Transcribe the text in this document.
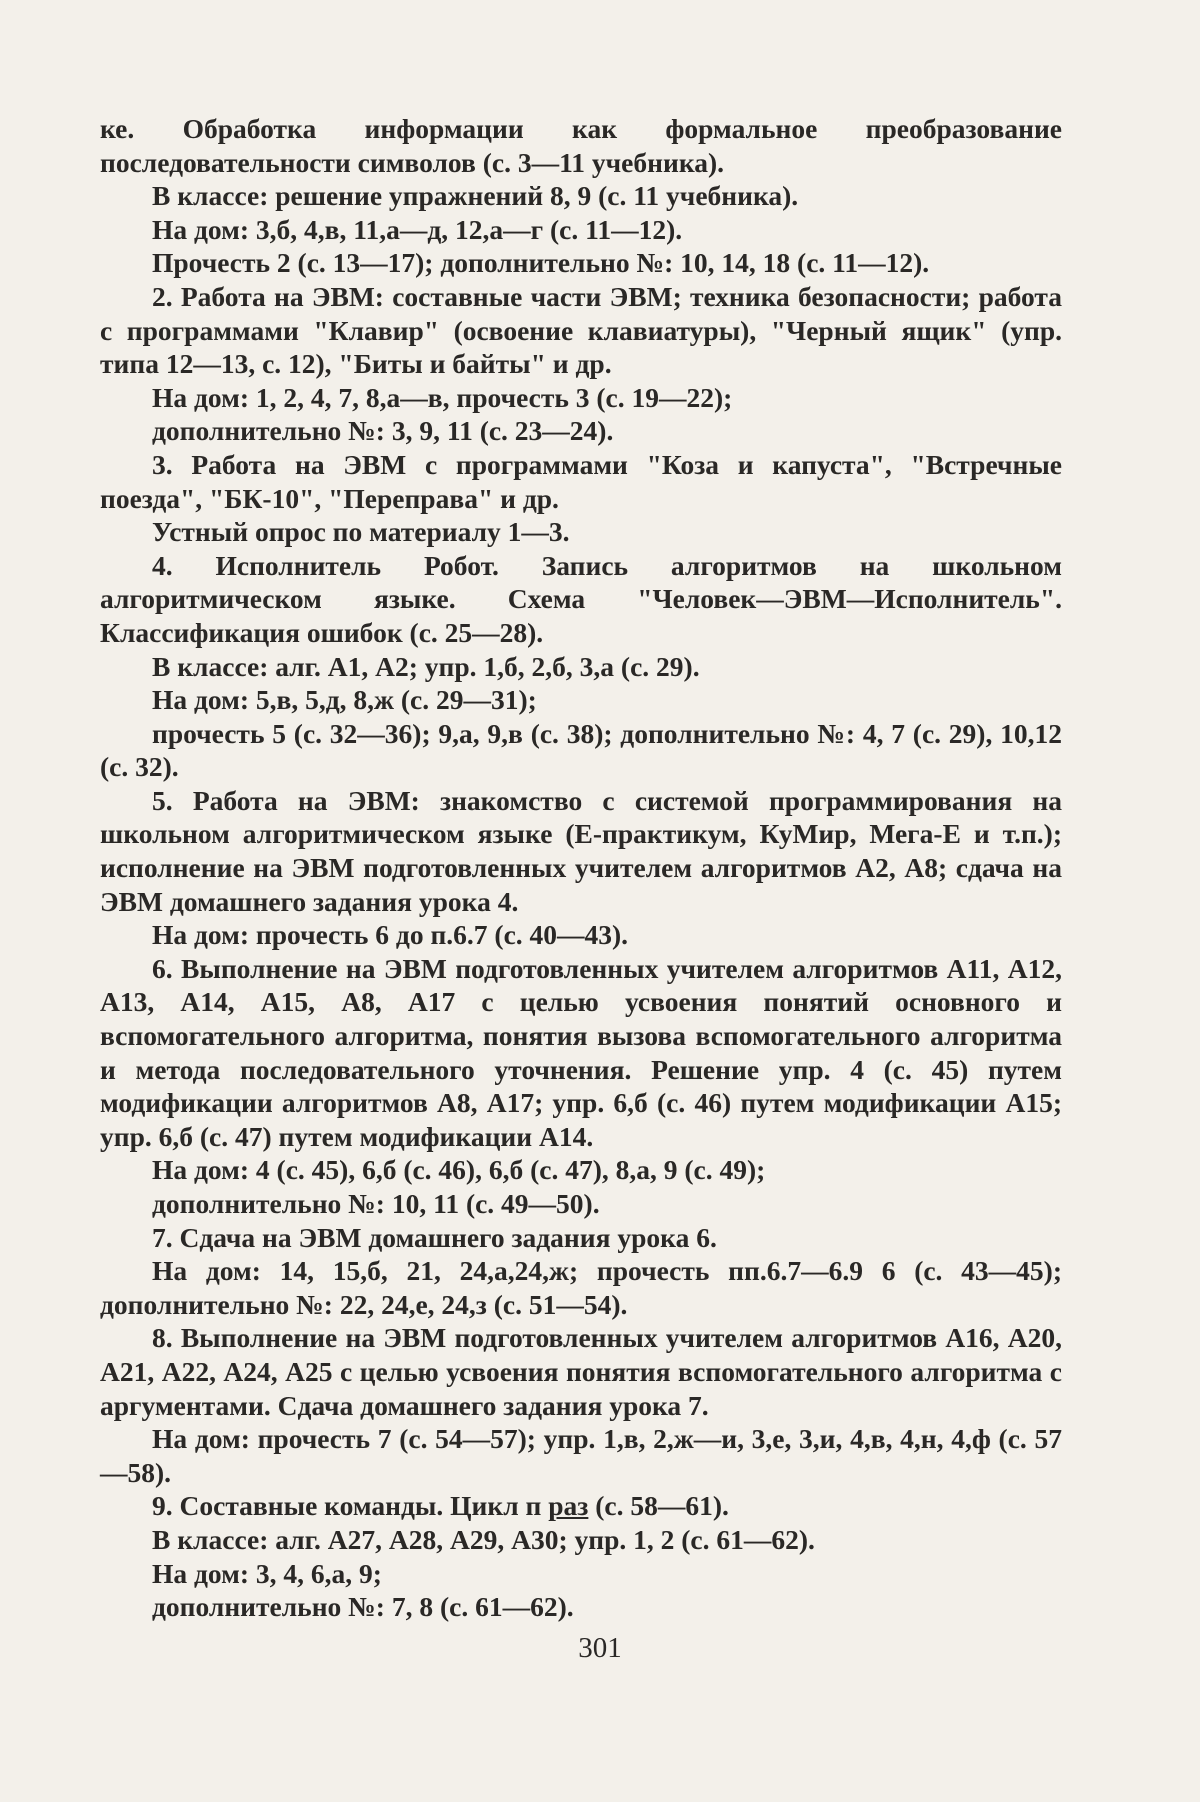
ке. Обработка информации как формальное преобразование последовательности символов (с. 3—11 учебника).

В классе: решение упражнений 8, 9 (с. 11 учебника).

На дом: 3,б, 4,в, 11,а—д, 12,а—г (с. 11—12).

Прочесть 2 (с. 13—17); дополнительно №: 10, 14, 18 (с. 11—12).

2. Работа на ЭВМ: составные части ЭВМ; техника безопасности; работа с программами "Клавир" (освоение клавиатуры), "Черный ящик" (упр. типа 12—13, с. 12), "Биты и байты" и др.

На дом: 1, 2, 4, 7, 8,а—в, прочесть 3 (с. 19—22);

дополнительно №: 3, 9, 11 (с. 23—24).

3. Работа на ЭВМ с программами "Коза и капуста", "Встречные поезда", "БК-10", "Переправа" и др.

Устный опрос по материалу 1—3.

4. Исполнитель Робот. Запись алгоритмов на школьном алгоритмическом языке. Схема "Человек—ЭВМ—Исполнитель". Классификация ошибок (с. 25—28).

В классе: алг. А1, А2; упр. 1,б, 2,б, 3,а (с. 29).

На дом: 5,в, 5,д, 8,ж (с. 29—31);

прочесть 5 (с. 32—36); 9,а, 9,в (с. 38); дополнительно №: 4, 7 (с. 29), 10,12 (с. 32).

5. Работа на ЭВМ: знакомство с системой программирования на школьном алгоритмическом языке (Е-практикум, КуМир, Мега-Е и т.п.); исполнение на ЭВМ подготовленных учителем алгоритмов А2, А8; сдача на ЭВМ домашнего задания урока 4.

На дом: прочесть 6 до п.6.7 (с. 40—43).

6. Выполнение на ЭВМ подготовленных учителем алгоритмов А11, А12, А13, А14, А15, А8, А17 с целью усвоения понятий основного и вспомогательного алгоритма, понятия вызова вспомогательного алгоритма и метода последовательного уточнения. Решение упр. 4 (с. 45) путем модификации алгоритмов А8, А17; упр. 6,б (с. 46) путем модификации А15; упр. 6,б (с. 47) путем модификации А14.

На дом: 4 (с. 45), 6,б (с. 46), 6,б (с. 47), 8,а, 9 (с. 49);

дополнительно №: 10, 11 (с. 49—50).

7. Сдача на ЭВМ домашнего задания урока 6.

На дом: 14, 15,б, 21, 24,а,24,ж; прочесть пп.6.7—6.9 6 (с. 43—45); дополнительно №: 22, 24,е, 24,з (с. 51—54).

8. Выполнение на ЭВМ подготовленных учителем алгоритмов А16, А20, А21, А22, А24, А25 с целью усвоения понятия вспомогательного алгоритма с аргументами. Сдача домашнего задания урока 7.

На дом: прочесть 7 (с. 54—57); упр. 1,в, 2,ж—и, 3,е, 3,и, 4,в, 4,н, 4,ф (с. 57—58).

9. Составные команды. Цикл п раз (с. 58—61).

В классе: алг. А27, А28, А29, А30; упр. 1, 2 (с. 61—62).

На дом: 3, 4, 6,а, 9;

дополнительно №: 7, 8 (с. 61—62).

301
